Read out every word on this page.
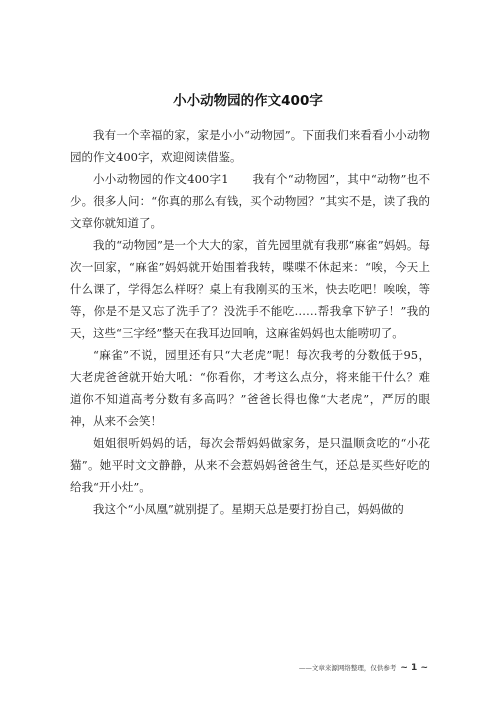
小小动物园的作文400字

我有一个幸福的家，家是小小“动物园”。下面我们来看看小小动物园的作文400字，欢迎阅读借鉴。

小小动物园的作文400字1　　我有个“动物园”，其中“动物”也不少。很多人问：“你真的那么有钱，买个动物园？”其实不是，读了我的文章你就知道了。

我的“动物园”是一个大大的家，首先园里就有我那“麻雀”妈妈。每次一回家，“麻雀”妈妈就开始围着我转，喋喋不休起来：“唉，今天上什么课了，学得怎么样呀？桌上有我刚买的玉米，快去吃吧！唉唉，等等，你是不是又忘了洗手了？没洗手不能吃……帮我拿下铲子！”我的天，这些“三字经”整天在我耳边回响，这麻雀妈妈也太能唠叨了。

“麻雀”不说，园里还有只“大老虎”呢！每次我考的分数低于95，大老虎爸爸就开始大吼：“你看你，才考这么点分，将来能干什么？难道你不知道高考分数有多高吗？”爸爸长得也像“大老虎”，严厉的眼神，从来不会笑！

姐姐很听妈妈的话，每次会帮妈妈做家务，是只温顺贪吃的“小花猫”。她平时文文静静，从来不会惹妈妈爸爸生气，还总是买些好吃的给我“开小灶”。

我这个“小凤凰”就别提了。星期天总是要打扮自己，妈妈做的

——文章来源网络整理，仅供参考 ~ 1 ~
